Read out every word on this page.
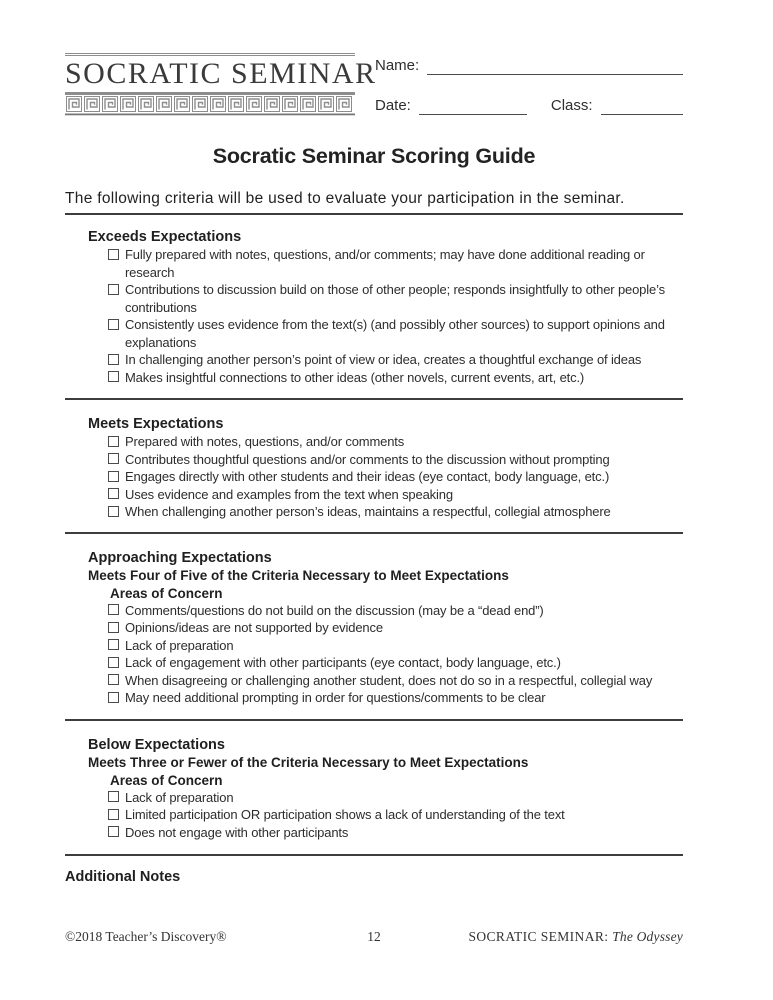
SOCRATIC SEMINAR
Name:
Date:	Class:
Socratic Seminar Scoring Guide
The following criteria will be used to evaluate your participation in the seminar.
Exceeds Expectations
Fully prepared with notes, questions, and/or comments; may have done additional reading or research
Contributions to discussion build on those of other people; responds insightfully to other people’s contributions
Consistently uses evidence from the text(s) (and possibly other sources) to support opinions and explanations
In challenging another person’s point of view or idea, creates a thoughtful exchange of ideas
Makes insightful connections to other ideas (other novels, current events, art, etc.)
Meets Expectations
Prepared with notes, questions, and/or comments
Contributes thoughtful questions and/or comments to the discussion without prompting
Engages directly with other students and their ideas (eye contact, body language, etc.)
Uses evidence and examples from the text when speaking
When challenging another person’s ideas, maintains a respectful, collegial atmosphere
Approaching Expectations
Meets Four of Five of the Criteria Necessary to Meet Expectations
Areas of Concern
Comments/questions do not build on the discussion (may be a “dead end”)
Opinions/ideas are not supported by evidence
Lack of preparation
Lack of engagement with other participants (eye contact, body language, etc.)
When disagreeing or challenging another student, does not do so in a respectful, collegial way
May need additional prompting in order for questions/comments to be clear
Below Expectations
Meets Three or Fewer of the Criteria Necessary to Meet Expectations
Areas of Concern
Lack of preparation
Limited participation OR participation shows a lack of understanding of the text
Does not engage with other participants
Additional Notes
©2018 Teacher’s Discovery®	12	SOCRATIC SEMINAR: The Odyssey
